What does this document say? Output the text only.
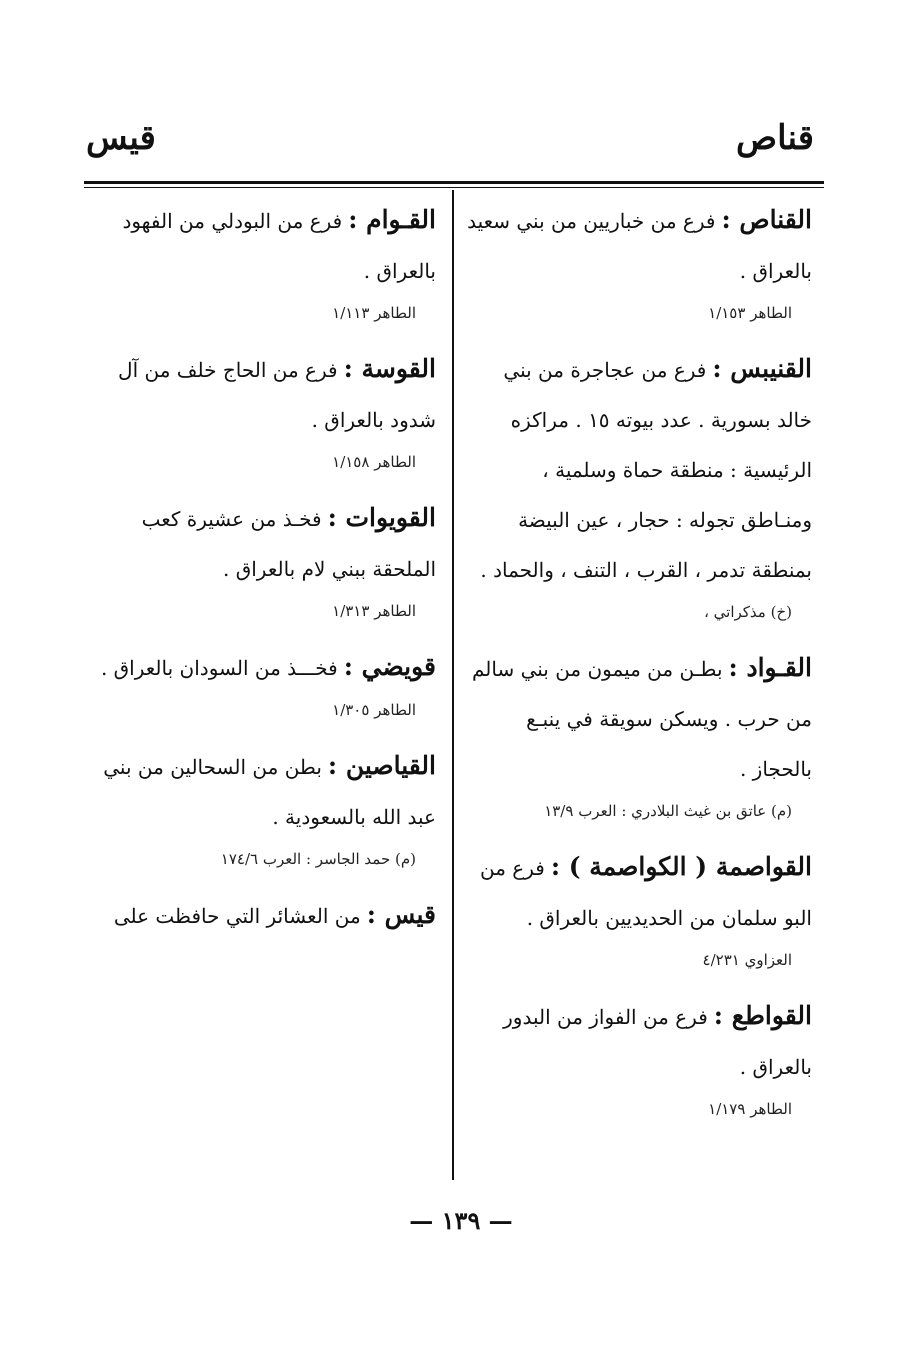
قناص
قيس

القناص :فرع من خباريين من بني سعيد بالعراق .

الطاهر ١/١٥٣

القنيبس :فرع من عجاجرة من بني خالد بسورية . عدد بيوته ١٥ . مراكزه الرئيسية : منطقة حماة وسلمية ، ومنـاطق تجوله : حجار ، عين البيضة بمنطقة تدمر ، القرب ، التنف ، والحماد .

(خ) مذكراتي ،

القـواد :بطـن من ميمون من بني سالم من حرب . ويسكن سويقة في ينبـع بالحجاز .

(م) عاتق بن غيث البلادري : العرب ١٣/٩

القواصمة ( الكواصمة ) :فرع من البو سلمان من الحديديين بالعراق .

العزاوي ٤/٢٣١

القواطع :فرع من الفواز من البدور بالعراق .

الطاهر ١/١٧٩

القـوام :فرع من البودلي من الفهود بالعراق .

الطاهر ١/١١٣

القوسة :فرع من الحاج خلف من آل شدود بالعراق .

الطاهر ١/١٥٨

القويوات :فخـذ من عشيرة كعب الملحقة ببني لام بالعراق .

الطاهر ١/٣١٣

قويضي :فخـــذ من السودان بالعراق .

الطاهر ١/٣٠٥

القياصين :بطن من السحالين من بني عبد الله بالسعودية .

(م) حمد الجاسر : العرب ١٧٤/٦

قيس :من العشائر التي حافظت على

— ١٣٩ —
